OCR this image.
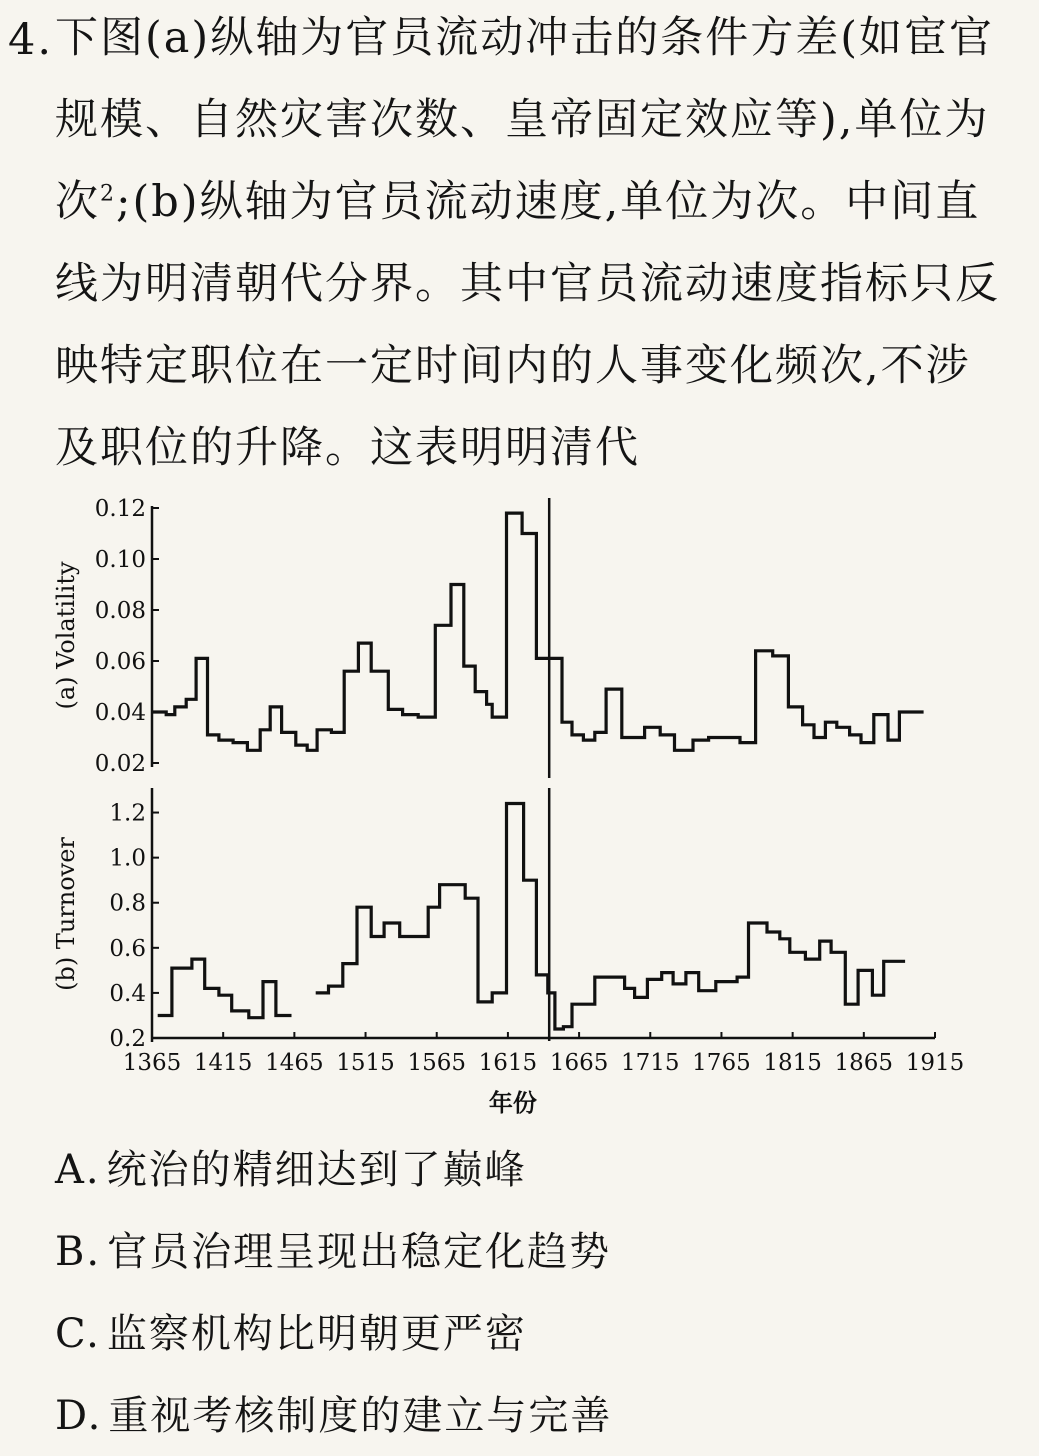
4. 下图(a)纵轴为官员流动冲击的条件方差(如宦官
规模、自然灾害次数、皇帝固定效应等),单位为
次$^2$;(b)纵轴为官员流动速度,单位为次。中间直
线为明清朝代分界。其中官员流动速度指标只反
映特定职位在一定时间内的人事变化频次,不涉
及职位的升降。这表明明清代
0.02
0.04
0.06
0.08
0.10
0.12
(a) Volatility
0.2
0.4
0.6
0.8
1.0
1.2
(b) Turnover
1365 1415 1465 1515 1565 1615 1665 1715 1765 1815 1865 1915
年份
A. 统治的精细达到了巅峰
B. 官员治理呈现出稳定化趋势
C. 监察机构比明朝更严密
D. 重视考核制度的建立与完善
